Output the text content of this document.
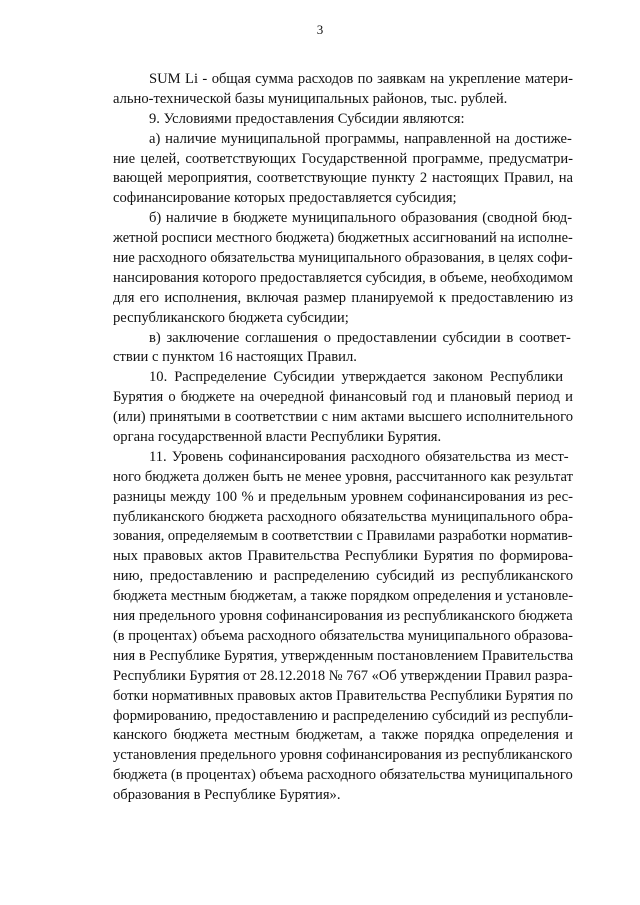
3
SUM Li - общая сумма расходов по заявкам на укрепление матери-
ально-технической базы муниципальных районов, тыс. рублей.
9. Условиями предоставления Субсидии являются:
а) наличие муниципальной программы, направленной на достиже-
ние целей, соответствующих Государственной программе, предусматри-
вающей мероприятия, соответствующие пункту 2 настоящих Правил, на
софинансирование которых предоставляется субсидия;
б) наличие в бюджете муниципального образования (сводной бюд-
жетной росписи местного бюджета) бюджетных ассигнований на исполне-
ние расходного обязательства муниципального образования, в целях софи-
нансирования которого предоставляется субсидия, в объеме, необходимом
для его исполнения, включая размер планируемой к предоставлению из
республиканского бюджета субсидии;
в) заключение соглашения о предоставлении субсидии в соответ-
ствии с пунктом 16 настоящих Правил.
10. Распределение Субсидии утверждается законом Республики
Бурятия о бюджете на очередной финансовый год и плановый период и
(или) принятыми в соответствии с ним актами высшего исполнительного
органа государственной власти Республики Бурятия.
11. Уровень софинансирования расходного обязательства из мест-
ного бюджета должен быть не менее уровня, рассчитанного как результат
разницы между 100 % и предельным уровнем софинансирования из рес-
публиканского бюджета расходного обязательства муниципального обра-
зования, определяемым в соответствии с Правилами разработки норматив-
ных правовых актов Правительства Республики Бурятия по формирова-
нию, предоставлению и распределению субсидий из республиканского
бюджета местным бюджетам, а также порядком определения и установле-
ния предельного уровня софинансирования из республиканского бюджета
(в процентах) объема расходного обязательства муниципального образова-
ния в Республике Бурятия, утвержденным постановлением Правительства
Республики Бурятия от 28.12.2018 № 767 «Об утверждении Правил разра-
ботки нормативных правовых актов Правительства Республики Бурятия по
формированию, предоставлению и распределению субсидий из республи-
канского бюджета местным бюджетам, а также порядка определения и
установления предельного уровня софинансирования из республиканского
бюджета (в процентах) объема расходного обязательства муниципального
образования в Республике Бурятия».
